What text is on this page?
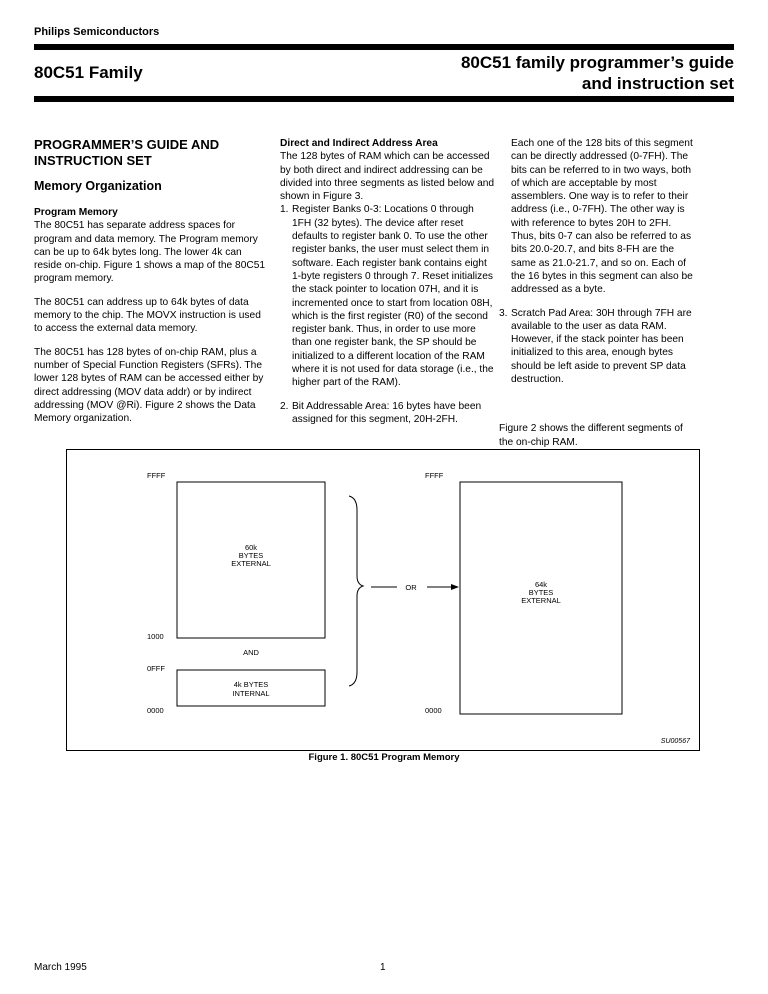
Philips Semiconductors
80C51 Family
80C51 family programmer’s guide
and instruction set
PROGRAMMER’S GUIDE AND
INSTRUCTION SET
Memory Organization
Program Memory

The 80C51 has separate address spaces for program and data memory. The Program memory can be up to 64k bytes long. The lower 4k can reside on-chip. Figure 1 shows a map of the 80C51 program memory.

The 80C51 can address up to 64k bytes of data memory to the chip. The MOVX instruction is used to access the external data memory.

The 80C51 has 128 bytes of on-chip RAM, plus a number of Special Function Registers (SFRs). The lower 128 bytes of RAM can be accessed either by direct addressing (MOV data addr) or by indirect addressing (MOV @Ri). Figure 2 shows the Data Memory organization.

Direct and Indirect Address Area
The 128 bytes of RAM which can be accessed by both direct and indirect addressing can be divided into three segments as listed below and shown in Figure 3.
1. Register Banks 0-3: Locations 0 through 1FH (32 bytes). The device after reset defaults to register bank 0. To use the other register banks, the user must select them in software. Each register bank contains eight 1-byte registers 0 through 7. Reset initializes the stack pointer to location 07H, and it is incremented once to start from location 08H, which is the first register (R0) of the second register bank. Thus, in order to use more than one register bank, the SP should be initialized to a different location of the RAM where it is not used for data storage (i.e., the higher part of the RAM).
2. Bit Addressable Area: 16 bytes have been assigned for this segment, 20H-2FH.

Each one of the 128 bits of this segment can be directly addressed (0-7FH). The bits can be referred to in two ways, both of which are acceptable by most assemblers. One way is to refer to their address (i.e., 0-7FH). The other way is with reference to bytes 20H to 2FH. Thus, bits 0-7 can also be referred to as bits 20.0-20.7, and bits 8-FH are the same as 21.0-21.7, and so on. Each of the 16 bytes in this segment can also be addressed as a byte.

3. Scratch Pad Area: 30H through 7FH are available to the user as data RAM. However, if the stack pointer has been initialized to this area, enough bytes should be left aside to prevent SP data destruction.

Figure 2 shows the different segments of the on-chip RAM.

FFFF	FFFF
60k
BYTES
EXTERNAL
4k BYTES
INTERNAL
1000
AND
0FFF
0000
OR	64k
BYTES
EXTERNAL
0000
SU00567
Figure 1. 80C51 Program Memory
March 1995	1
